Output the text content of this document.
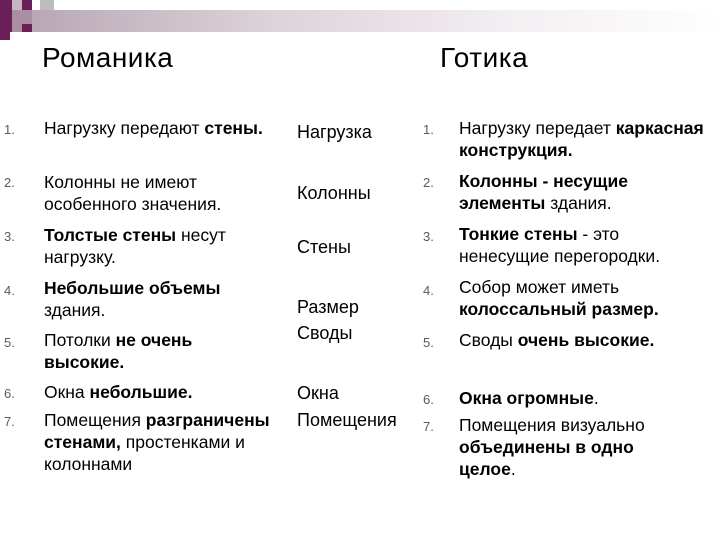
Романика	Готика
1. Нагрузку передают стены.
2. Колонны не имеют особенного значения.
3. Толстые стены несут нагрузку.
4. Небольшие объемы здания.
5. Потолки не очень высокие.
6. Окна небольшие.
7. Помещения разграничены стенами, простенками и колоннами
Нагрузка
Колонны
Стены
Размер
Своды
Окна
Помещения
1. Нагрузку передает каркасная конструкция.
2. Колонны - несущие элементы здания.
3. Тонкие стены - это ненесущие перегородки.
4. Собор может иметь колоссальный размер.
5. Своды очень высокие.
6. Окна огромные.
7. Помещения визуально объединены в одно целое.
